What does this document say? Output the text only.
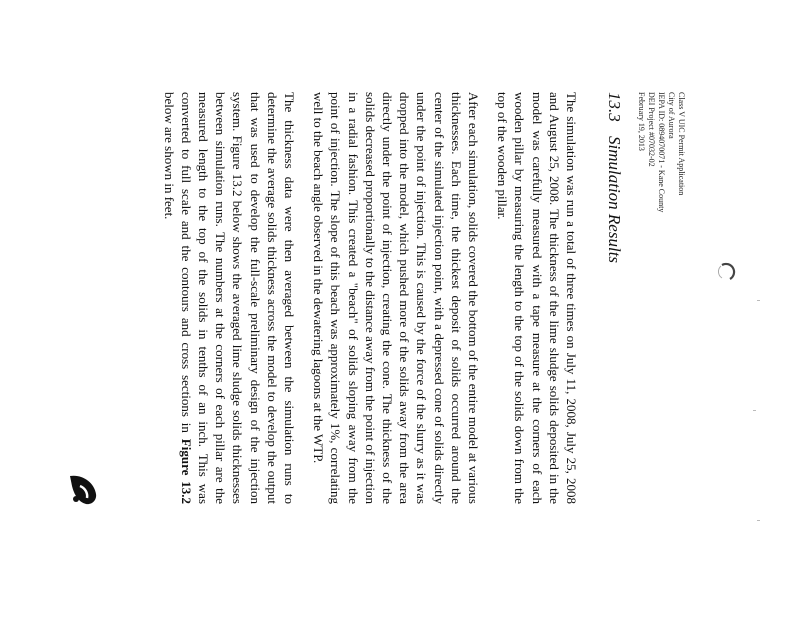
Class V UIC Permit Application
City of Aurora
IEPA ID: 0894070071 - Kane County
DEI Project #07032-02
February 19, 2013
13.3Simulation Results

The simulation was run a total of three times on July 11, 2008, July 25, 2008 and August 25, 2008. The thickness of the lime sludge solids deposited in the model was carefully measured with a tape measure at the corners of each wooden pillar by measuring the length to the top of the solids down from the top of the wooden pillar.

After each simulation, solids covered the bottom of the entire model at various thicknesses. Each time, the thickest deposit of solids occurred around the center of the simulated injection point, with a depressed cone of solids directly under the point of injection. This is caused by the force of the slurry as it was dropped into the model, which pushed more of the solids away from the area directly under the point of injection, creating the cone. The thickness of the solids decreased proportionally to the distance away from the point of injection in a radial fashion. This created a "beach" of solids sloping away from the point of injection. The slope of this beach was approximately 1%, correlating well to the beach angle observed in the dewatering lagoons at the WTP.

The thickness data were then averaged between the simulation runs to determine the average solids thickness across the model to develop the output that was used to develop the full-scale preliminary design of the injection system. Figure 13.2 below shows the averaged lime sludge solids thicknesses between simulation runs. The numbers at the corners of each pillar are the measured length to the top of the solids in tenths of an inch. This was converted to full scale and the contours and cross sections in Figure 13.2 below are shown in feet.
